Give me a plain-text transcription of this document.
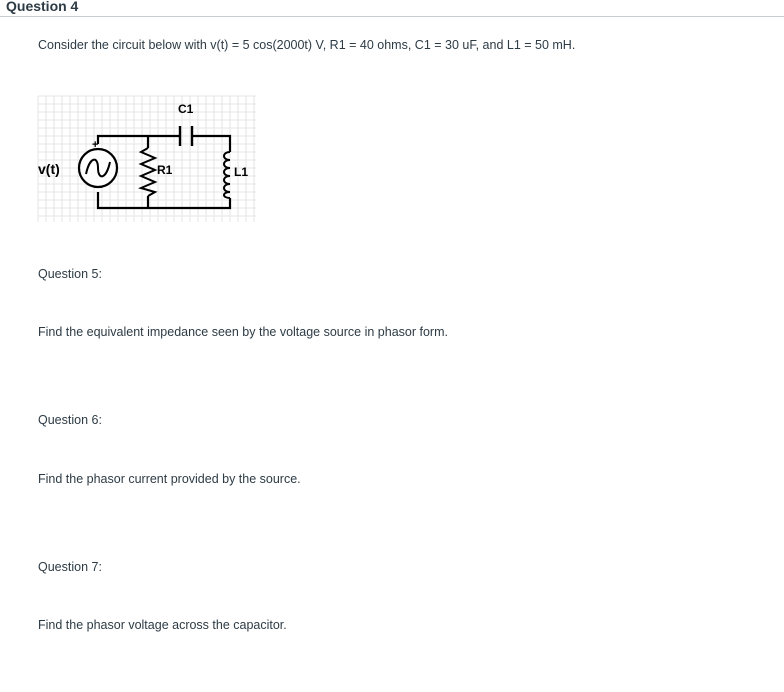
Question 4
Consider the circuit below with v(t) = 5 cos(2000t) V, R1 = 40 ohms, C1 = 30 uF, and L1 = 50 mH.
+
v(t)	R1
C1
L1
Question 5:
Find the equivalent impedance seen by the voltage source in phasor form.
Question 6:
Find the phasor current provided by the source.
Question 7:
Find the phasor voltage across the capacitor.
